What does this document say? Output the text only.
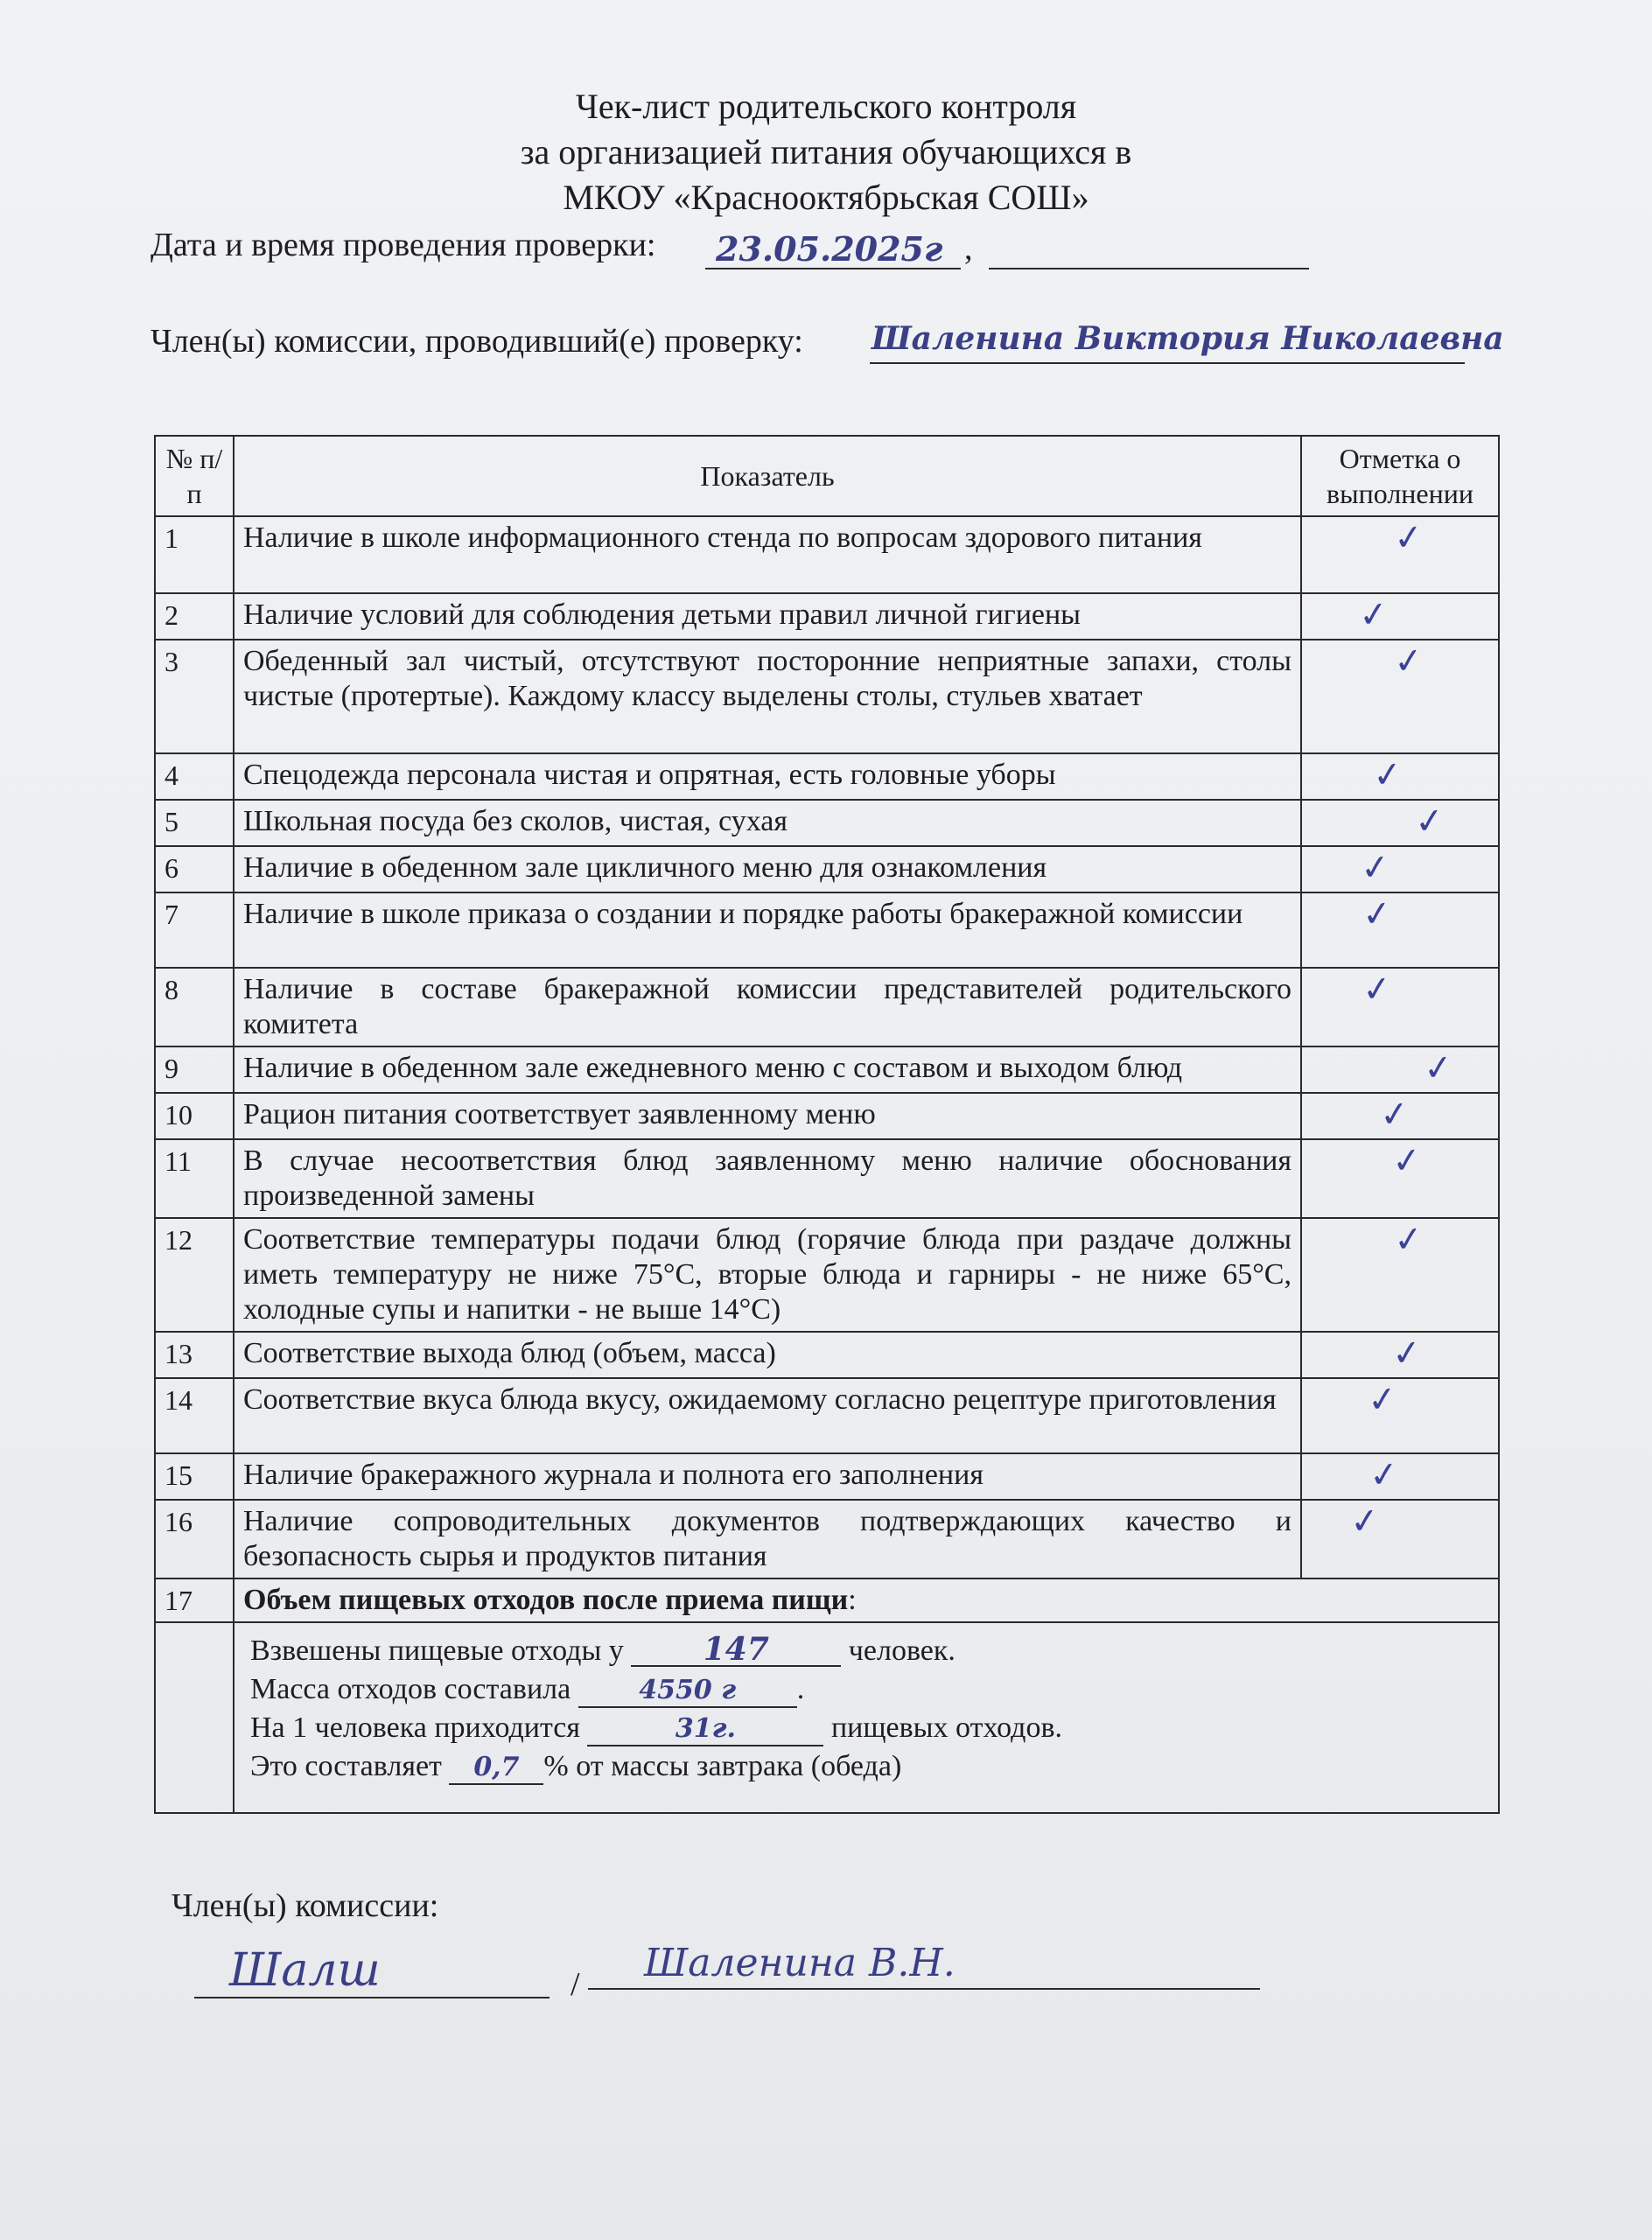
Чек-лист родительского контроля
за организацией питания обучающихся в
МКОУ «Краснооктябрьская СОШ»
Дата и время проведения проверки: 23.05.2025г ,
Член(ы) комиссии, проводивший(е) проверку: Шаленина Виктория Николаевна
№ п/п	Показатель	Отметка о выполнении
1	Наличие в школе информационного стенда по вопросам здорового питания	✓
2	Наличие условий для соблюдения детьми правил личной гигиены	✓
3	Обеденный зал чистый, отсутствуют посторонние неприятные запахи, столы чистые (протертые). Каждому классу выделены столы, стульев хватает	✓
4	Спецодежда персонала чистая и опрятная, есть головные уборы	✓
5	Школьная посуда без сколов, чистая, сухая	✓
6	Наличие в обеденном зале цикличного меню для ознакомления	✓
7	Наличие в школе приказа о создании и порядке работы бракеражной комиссии	✓
8	Наличие в составе бракеражной комиссии представителей родительского комитета	✓
9	Наличие в обеденном зале ежедневного меню с составом и выходом блюд	✓
10	Рацион питания соответствует заявленному меню	✓
11	В случае несоответствия блюд заявленному меню наличие обоснования произведенной замены	✓
12	Соответствие температуры подачи блюд (горячие блюда при раздаче должны иметь температуру не ниже 75°С, вторые блюда и гарниры - не ниже 65°С, холодные супы и напитки - не выше 14°С)	✓
13	Соответствие выхода блюд (объем, масса)	✓
14	Соответствие вкуса блюда вкусу, ожидаемому согласно рецептуре приготовления	✓
15	Наличие бракеражного журнала и полнота его заполнения	✓
16	Наличие сопроводительных документов подтверждающих качество и безопасность сырья и продуктов питания	✓
17	Объем пищевых отходов после приема пищи:	

	Взвешены пищевые отходы у 147 человек.
Масса отходов составила 4550 г .
На 1 человека приходится 31г. пищевых отходов.
Это составляет 0,7 % от массы завтрака (обеда)	
Член(ы) комиссии:
Шалш	/ Шаленина В.Н.
